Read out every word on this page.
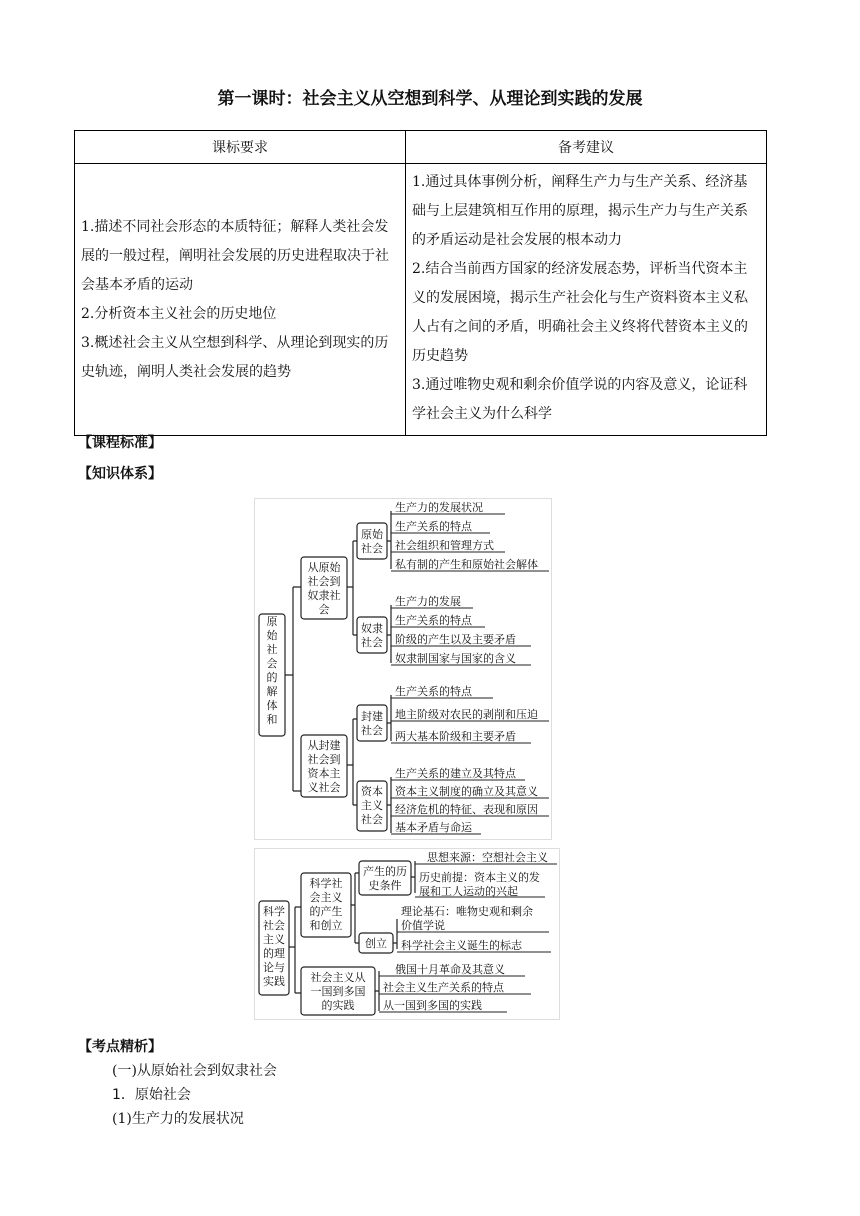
第一课时：社会主义从空想到科学、从理论到实践的发展
课标要求	备考建议

1.描述不同社会形态的本质特征；解释人类社会发展的一般过程，阐明社会发展的历史进程取决于社会基本矛盾的运动
2.分析资本主义社会的历史地位
3.概述社会主义从空想到科学、从理论到现实的历史轨迹，阐明人类社会发展的趋势	1.通过具体事例分析，阐释生产力与生产关系、经济基础与上层建筑相互作用的原理，揭示生产力与生产关系的矛盾运动是社会发展的根本动力
2.结合当前西方国家的经济发展态势，评析当代资本主义的发展困境，揭示生产社会化与生产资料资本主义私人占有之间的矛盾，明确社会主义终将代替资本主义的历史趋势
3.通过唯物史观和剩余价值学说的内容及意义，论证科学社会主义为什么科学
【课程标准】
【知识体系】
原
始
社
会
的
解
体
和
从原始
社会到
奴隶社
会
从封建
社会到
资本主
义社会
原始
社会
生产力的发展状况
生产关系的特点
社会组织和管理方式
私有制的产生和原始社会解体
奴隶
社会
生产力的发展
生产关系的特点
阶级的产生以及主要矛盾
奴隶制国家与国家的含义
封建
社会
生产关系的特点
地主阶级对农民的剥削和压迫
两大基本阶级和主要矛盾
资本
主义
社会
生产关系的建立及其特点
资本主义制度的确立及其意义
经济危机的特征、表现和原因
基本矛盾与命运
科学
社会
主义
的理
论与
实践
科学社
会主义
的产生
和创立
社会主义从
一国到多国
的实践
产生的历
史条件
思想来源：空想社会主义
历史前提：资本主义的发
展和工人运动的兴起
创立
理论基石：唯物史观和剩余
价值学说
科学社会主义诞生的标志
俄国十月革命及其意义
社会主义生产关系的特点
从一国到多国的实践
【考点精析】
(一)从原始社会到奴隶社会
1．原始社会
(1)生产力的发展状况
